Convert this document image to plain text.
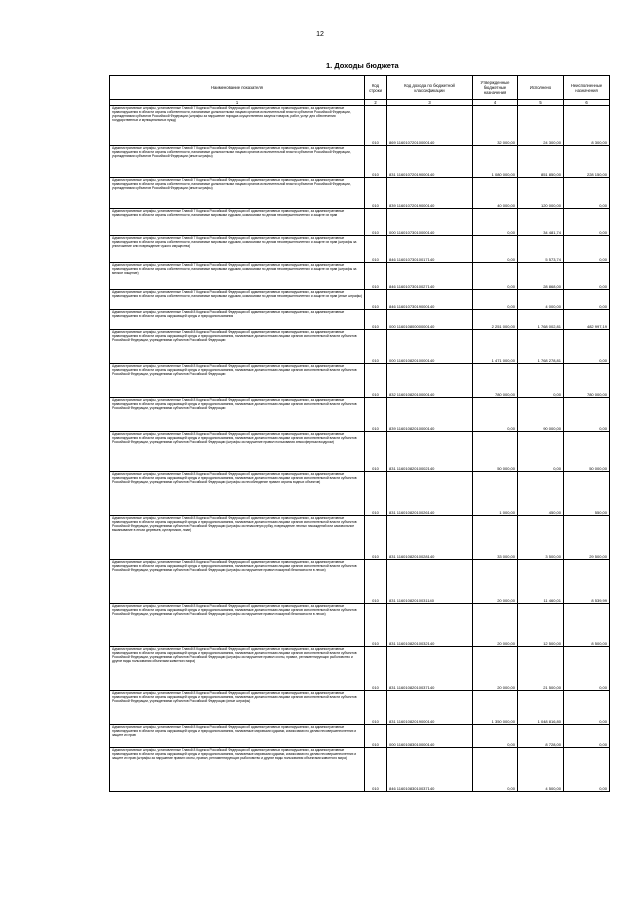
12
1. Доходы бюджета
Наименование показателя	Код строки	Код дохода по бюджетной классификации	Утвержденные бюджетные назначения	Исполнено	Неисполненные назначения
1	2	3	4	5	6
Административные штрафы, установленные Главой 7 Кодекса Российской Федерации об административных правонарушениях, за административные правонарушения в области охраны собственности, налагаемые должностными лицами органов исполнительной власти субъектов Российской Федерации, учреждениями субъектов Российской Федерации (штрафы за нарушение порядка осуществления закупок товаров, работ, услуг для обеспечения государственных и муниципальных нужд)	010	869 11601072010000140	32 000,00	24 300,00	8 300,00
Административные штрафы, установленные Главой 7 Кодекса Российской Федерации об административных правонарушениях, за административные правонарушения в области охраны собственности, налагаемые должностными лицами органов исполнительной власти субъектов Российской Федерации, учреждениями субъектов Российской Федерации (иные штрафы)	010	831 11601072019000140	1 080 000,00	851 850,00	228 150,00
Административные штрафы, установленные Главой 7 Кодекса Российской Федерации об административных правонарушениях, за административные правонарушения в области охраны собственности, налагаемые должностными лицами органов исполнительной власти субъектов Российской Федерации, учреждениями субъектов Российской Федерации (иные штрафы)	010	839 11601072019000140	40 000,00	120 000,00	0,00
Административные штрафы, установленные Главой 7 Кодекса Российской Федерации об административных правонарушениях, за административные правонарушения в области охраны собственности, налагаемые мировыми судьями, комиссиями по делам несовершеннолетних и защите их прав	010	000 11601073010000140	0,00	34 481,74	0,00
Административные штрафы, установленные Главой 7 Кодекса Российской Федерации об административных правонарушениях, за административные правонарушения в области охраны собственности, налагаемые мировыми судьями, комиссиями по делам несовершеннолетних и защите их прав (штрафы за уничтожение или повреждение чужого имущества)	010	846 11601073010017140	0,00	5 573,74	0,00
Административные штрафы, установленные Главой 7 Кодекса Российской Федерации об административных правонарушениях, за административные правонарушения в области охраны собственности, налагаемые мировыми судьями, комиссиями по делам несовершеннолетних и защите их прав (штрафы за мелкое хищение)	010	846 11601073010027140	0,00	28 868,00	0,00
Административные штрафы, установленные Главой 7 Кодекса Российской Федерации об административных правонарушениях, за административные правонарушения в области охраны собственности, налагаемые мировыми судьями, комиссиями по делам несовершеннолетних и защите их прав (иные штрафы)	010	846 11601073019000140	0,00	4 000,00	0,00
Административные штрафы, установленные Главой 8 Кодекса Российской Федерации об административных правонарушениях, за административные правонарушения в области охраны окружающей среды и природопользования	010	000 11601080000000140	2 251 000,00	1 768 002,81	482 997,19
Административные штрафы, установленные Главой 8 Кодекса Российской Федерации об административных правонарушениях, за административные правонарушения в области охраны окружающей среды и природопользования, налагаемые должностными лицами органов исполнительной власти субъектов Российской Федерации, учреждениями субъектов Российской Федерации	010	000 11601082010000140	1 471 000,00	1 768 278,81	0,00
Административные штрафы, установленные Главой 8 Кодекса Российской Федерации об административных правонарушениях, за административные правонарушения в области охраны окружающей среды и природопользования, налагаемые должностными лицами органов исполнительной власти субъектов Российской Федерации, учреждениями субъектов Российской Федерации	010	832 11601082010000140	780 000,00	0,00	780 000,00
Административные штрафы, установленные Главой 8 Кодекса Российской Федерации об административных правонарушениях, за административные правонарушения в области охраны окружающей среды и природопользования, налагаемые должностными лицами органов исполнительной власти субъектов Российской Федерации, учреждениями субъектов Российской Федерации	010	839 11601082010000140	0,00	90 000,00	0,00
Административные штрафы, установленные Главой 8 Кодекса Российской Федерации об административных правонарушениях, за административные правонарушения в области охраны окружающей среды и природопользования, налагаемые должностными лицами органов исполнительной власти субъектов Российской Федерации, учреждениями субъектов Российской Федерации (штрафы за нарушение правил пользования атмосферным воздухом)	010	831 11601082010002140	50 000,00	0,00	50 000,00
Административные штрафы, установленные Главой 8 Кодекса Российской Федерации об административных правонарушениях, за административные правонарушения в области охраны окружающей среды и природопользования, налагаемые должностными лицами органов исполнительной власти субъектов Российской Федерации, учреждениями субъектов Российской Федерации (штрафы за несоблюдение правил охраны водных объектов)	010	831 11601082010026140	1 000,00	450,00	550,00
Административные штрафы, установленные Главой 8 Кодекса Российской Федерации об административных правонарушениях, за административные правонарушения в области охраны окружающей среды и природопользования, налагаемые должностными лицами органов исполнительной власти субъектов Российской Федерации, учреждениями субъектов Российской Федерации (штрафы за незаконную рубку, повреждение лесных насаждений или самовольное выкапывание в лесах деревьев, кустарников, лиан)	010	831 11601082010028140	33 000,00	3 500,00	29 500,00
Административные штрафы, установленные Главой 8 Кодекса Российской Федерации об административных правонарушениях, за административные правонарушения в области охраны окружающей среды и природопользования, налагаемые должностными лицами органов исполнительной власти субъектов Российской Федерации, учреждениями субъектов Российской Федерации (штрафы за нарушение правил пожарной безопасности в лесах)	010	831 11601082010031140	20 000,00	11 460,01	8 539,99
Административные штрафы, установленные Главой 8 Кодекса Российской Федерации об административных правонарушениях, за административные правонарушения в области охраны окружающей среды и природопользования, налагаемые должностными лицами органов исполнительной власти субъектов Российской Федерации, учреждениями субъектов Российской Федерации (штрафы за нарушение правил пожарной безопасности в лесах)	010	831 11601082010032140	20 000,00	12 500,00	8 500,00
Административные штрафы, установленные Главой 8 Кодекса Российской Федерации об административных правонарушениях, за административные правонарушения в области охраны окружающей среды и природопользования, налагаемые должностными лицами органов исполнительной власти субъектов Российской Федерации, учреждениями субъектов Российской Федерации (штрафы за нарушение правил охоты, правил, регламентирующих рыболовство и другие виды пользования объектами животного мира)	010	831 11601082010037140	20 000,00	21 500,00	0,00
Административные штрафы, установленные Главой 8 Кодекса Российской Федерации об административных правонарушениях, за административные правонарушения в области охраны окружающей среды и природопользования, налагаемые должностными лицами органов исполнительной власти субъектов Российской Федерации, учреждениями субъектов Российской Федерации (иные штрафы)	010	831 11601082019000140	1 350 000,00	1 048 816,80	0,00
Административные штрафы, установленные Главой 8 Кодекса Российской Федерации об административных правонарушениях, за административные правонарушения в области охраны окружающей среды и природопользования, налагаемые мировыми судьями, комиссиями по делам несовершеннолетних и защите их прав	010	000 11601083010000140	0,00	8 728,00	0,00
Административные штрафы, установленные Главой 8 Кодекса Российской Федерации об административных правонарушениях, за административные правонарушения в области охраны окружающей среды и природопользования, налагаемые мировыми судьями, комиссиями по делам несовершеннолетних и защите их прав (штрафы за нарушение правил охоты, правил, регламентирующих рыболовство и другие виды пользования объектами животного мира)	010	846 11601083010037140	0,00	4 500,00	0,00
